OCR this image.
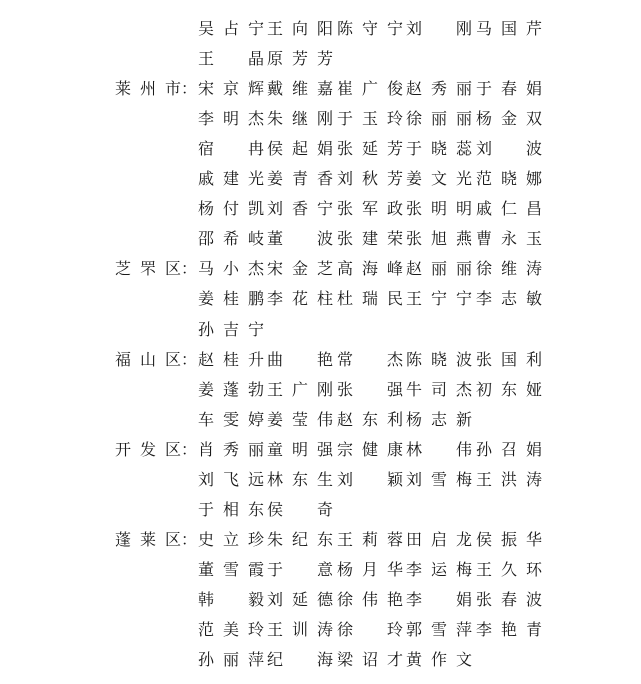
吴占宁 王向阳 陈守宁 刘　刚 马国芹
王　晶 原芳芳
莱州市 ： 宋京辉 戴维嘉 崔广俊 赵秀丽 于春娟
李明杰 朱继刚 于玉玲 徐丽丽 杨金双
宿　冉 侯起娟 张延芳 于晓蕊 刘　波
戚建光 姜青香 刘秋芳 姜文光 范晓娜
杨付凯 刘香宁 张军政 张明明 戚仁昌
邵希岐 董　波 张建荣 张旭燕 曹永玉
芝罘区 ： 马小杰 宋金芝 高海峰 赵丽丽 徐维涛
姜桂鹏 李花柱 杜瑞民 王宁宁 李志敏
孙吉宁
福山区 ： 赵桂升 曲　艳 常　杰 陈晓波 张国利
姜蓬勃 王广刚 张　强 牛司杰 初东娅
车雯婷 姜莹伟 赵东利 杨志新
开发区 ： 肖秀丽 童明强 宗健康 林　伟 孙召娟
刘飞远 林东生 刘　颖 刘雪梅 王洪涛
于相东 侯　奇
蓬莱区 ： 史立珍 朱纪东 王莉蓉 田启龙 侯振华
董雪霞 于　意 杨月华 李运梅 王久环
韩　毅 刘延德 徐伟艳 李　娟 张春波
范美玲 王训涛 徐　玲 郭雪萍 李艳青
孙丽萍 纪　海 梁诏才 黄作文
